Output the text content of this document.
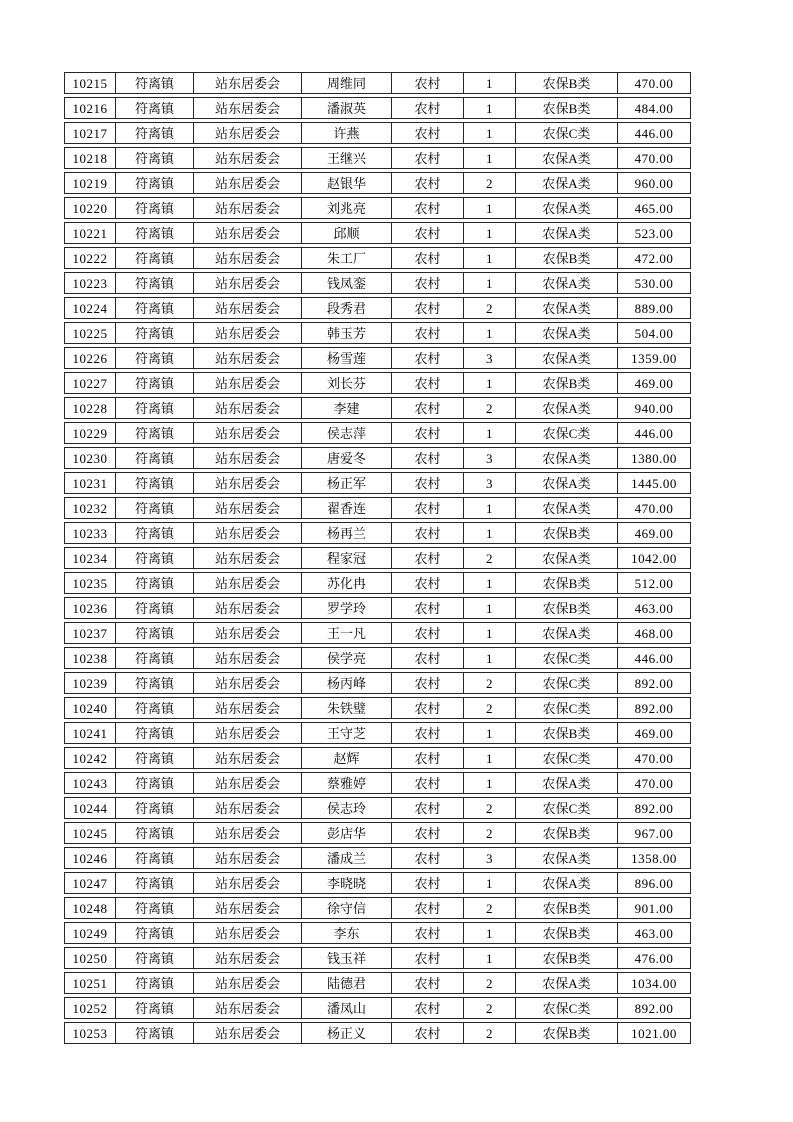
10215	符离镇	站东居委会	周维同	农村	1	农保B类	470.00
10216	符离镇	站东居委会	潘淑英	农村	1	农保B类	484.00
10217	符离镇	站东居委会	许燕	农村	1	农保C类	446.00
10218	符离镇	站东居委会	王继兴	农村	1	农保A类	470.00
10219	符离镇	站东居委会	赵银华	农村	2	农保A类	960.00
10220	符离镇	站东居委会	刘兆亮	农村	1	农保A类	465.00
10221	符离镇	站东居委会	邱顺	农村	1	农保A类	523.00
10222	符离镇	站东居委会	朱工厂	农村	1	农保B类	472.00
10223	符离镇	站东居委会	钱凤銮	农村	1	农保A类	530.00
10224	符离镇	站东居委会	段秀君	农村	2	农保A类	889.00
10225	符离镇	站东居委会	韩玉芳	农村	1	农保A类	504.00
10226	符离镇	站东居委会	杨雪莲	农村	3	农保A类	1359.00
10227	符离镇	站东居委会	刘长芬	农村	1	农保B类	469.00
10228	符离镇	站东居委会	李建	农村	2	农保A类	940.00
10229	符离镇	站东居委会	侯志萍	农村	1	农保C类	446.00
10230	符离镇	站东居委会	唐爱冬	农村	3	农保A类	1380.00
10231	符离镇	站东居委会	杨正军	农村	3	农保A类	1445.00
10232	符离镇	站东居委会	翟香连	农村	1	农保A类	470.00
10233	符离镇	站东居委会	杨再兰	农村	1	农保B类	469.00
10234	符离镇	站东居委会	程家冠	农村	2	农保A类	1042.00
10235	符离镇	站东居委会	苏化冉	农村	1	农保B类	512.00
10236	符离镇	站东居委会	罗学玲	农村	1	农保B类	463.00
10237	符离镇	站东居委会	王一凡	农村	1	农保A类	468.00
10238	符离镇	站东居委会	侯学亮	农村	1	农保C类	446.00
10239	符离镇	站东居委会	杨丙峰	农村	2	农保C类	892.00
10240	符离镇	站东居委会	朱铁璧	农村	2	农保C类	892.00
10241	符离镇	站东居委会	王守芝	农村	1	农保B类	469.00
10242	符离镇	站东居委会	赵辉	农村	1	农保C类	470.00
10243	符离镇	站东居委会	蔡雅婷	农村	1	农保A类	470.00
10244	符离镇	站东居委会	侯志玲	农村	2	农保C类	892.00
10245	符离镇	站东居委会	彭店华	农村	2	农保B类	967.00
10246	符离镇	站东居委会	潘成兰	农村	3	农保A类	1358.00
10247	符离镇	站东居委会	李晓晓	农村	1	农保A类	896.00
10248	符离镇	站东居委会	徐守信	农村	2	农保B类	901.00
10249	符离镇	站东居委会	李东	农村	1	农保B类	463.00
10250	符离镇	站东居委会	钱玉祥	农村	1	农保B类	476.00
10251	符离镇	站东居委会	陆德君	农村	2	农保A类	1034.00
10252	符离镇	站东居委会	潘凤山	农村	2	农保C类	892.00
10253	符离镇	站东居委会	杨正义	农村	2	农保B类	1021.00
